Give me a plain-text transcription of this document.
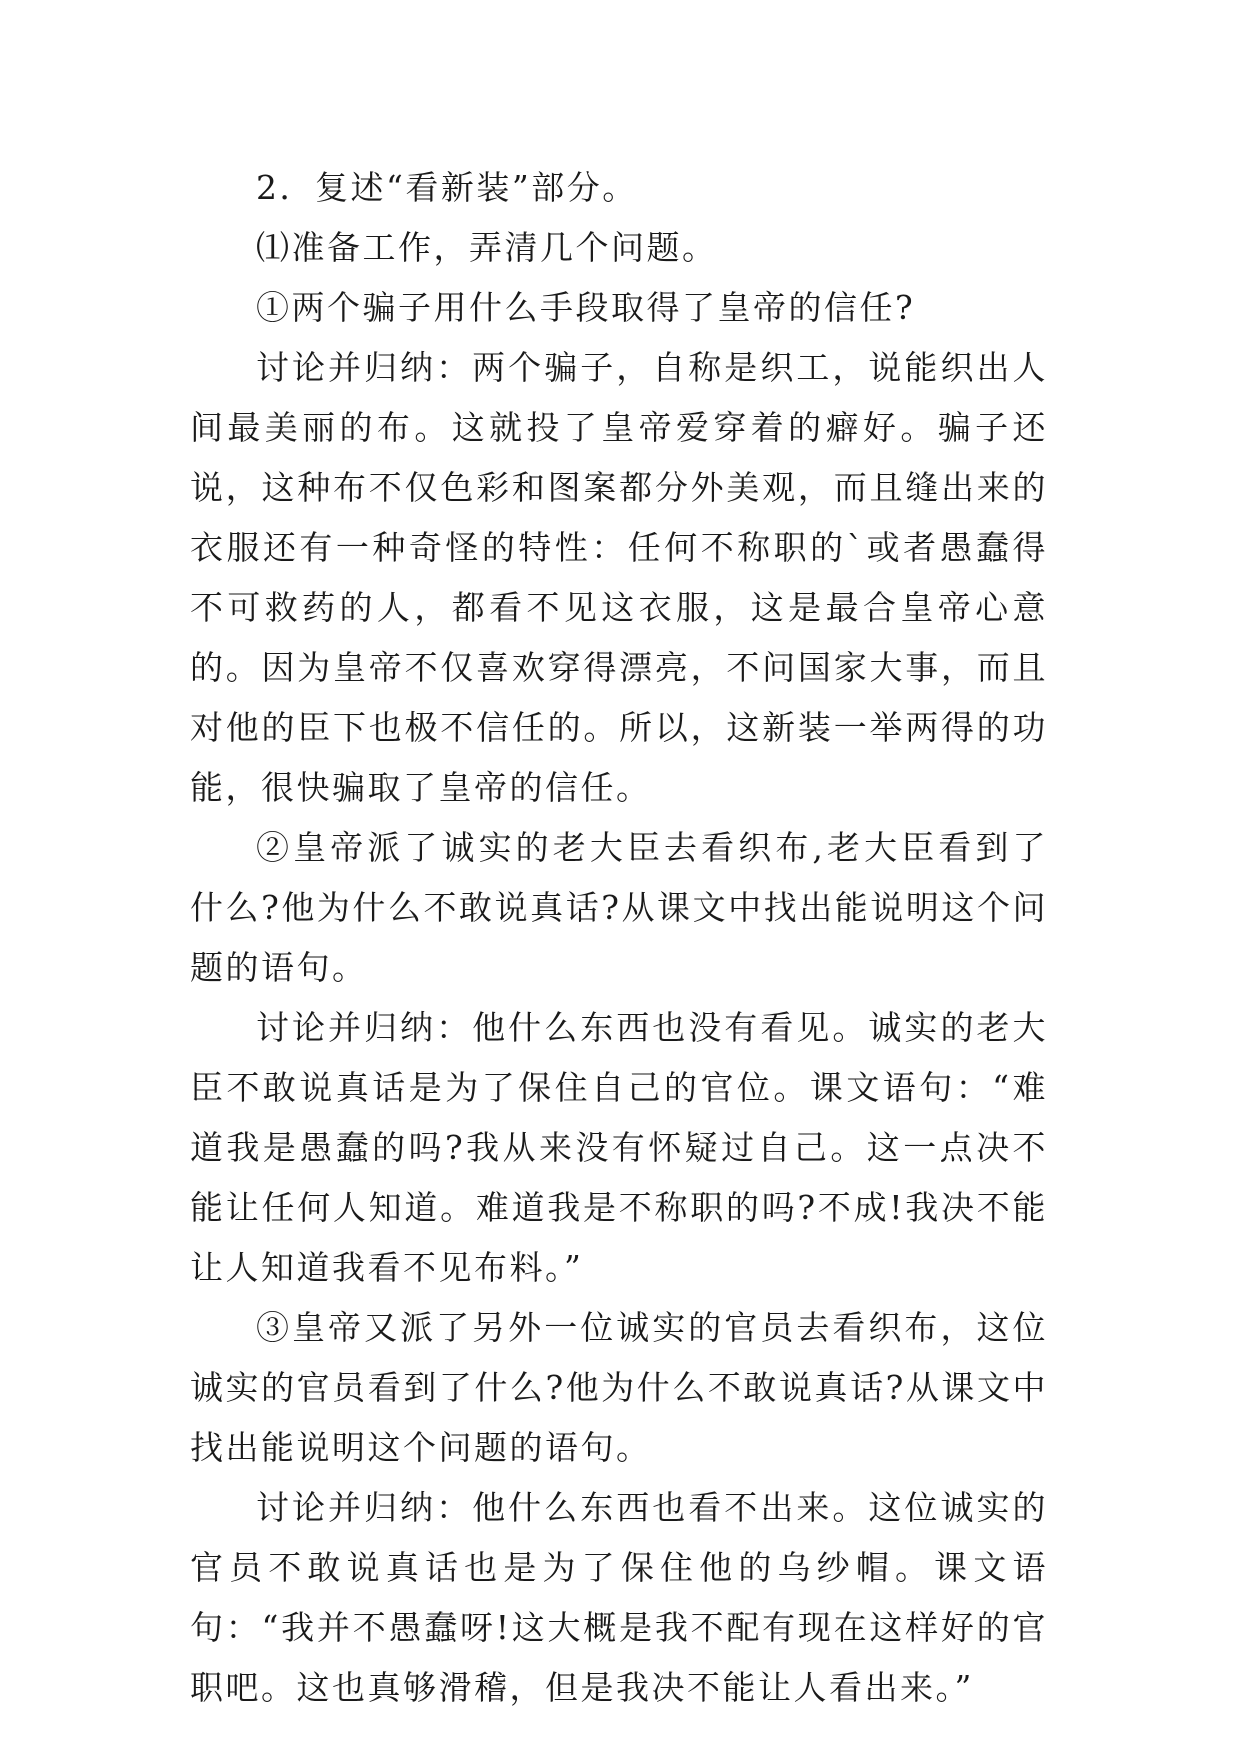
2．复述“看新装”部分。

⑴准备工作，弄清几个问题。

①两个骗子用什么手段取得了皇帝的信任?

讨论并归纳：两个骗子，自称是织工，说能织出人间最美丽的布。这就投了皇帝爱穿着的癖好。骗子还说，这种布不仅色彩和图案都分外美观，而且缝出来的衣服还有一种奇怪的特性：任何不称职的`或者愚蠢得不可救药的人，都看不见这衣服，这是最合皇帝心意的。因为皇帝不仅喜欢穿得漂亮，不问国家大事，而且对他的臣下也极不信任的。所以，这新装一举两得的功能，很快骗取了皇帝的信任。

②皇帝派了诚实的老大臣去看织布,老大臣看到了什么?他为什么不敢说真话?从课文中找出能说明这个问题的语句。

讨论并归纳：他什么东西也没有看见。诚实的老大臣不敢说真话是为了保住自己的官位。课文语句：“难道我是愚蠢的吗?我从来没有怀疑过自己。这一点决不能让任何人知道。难道我是不称职的吗?不成!我决不能让人知道我看不见布料。”

③皇帝又派了另外一位诚实的官员去看织布，这位诚实的官员看到了什么?他为什么不敢说真话?从课文中找出能说明这个问题的语句。

讨论并归纳：他什么东西也看不出来。这位诚实的官员不敢说真话也是为了保住他的乌纱帽。课文语句：“我并不愚蠢呀!这大概是我不配有现在这样好的官职吧。这也真够滑稽，但是我决不能让人看出来。”
